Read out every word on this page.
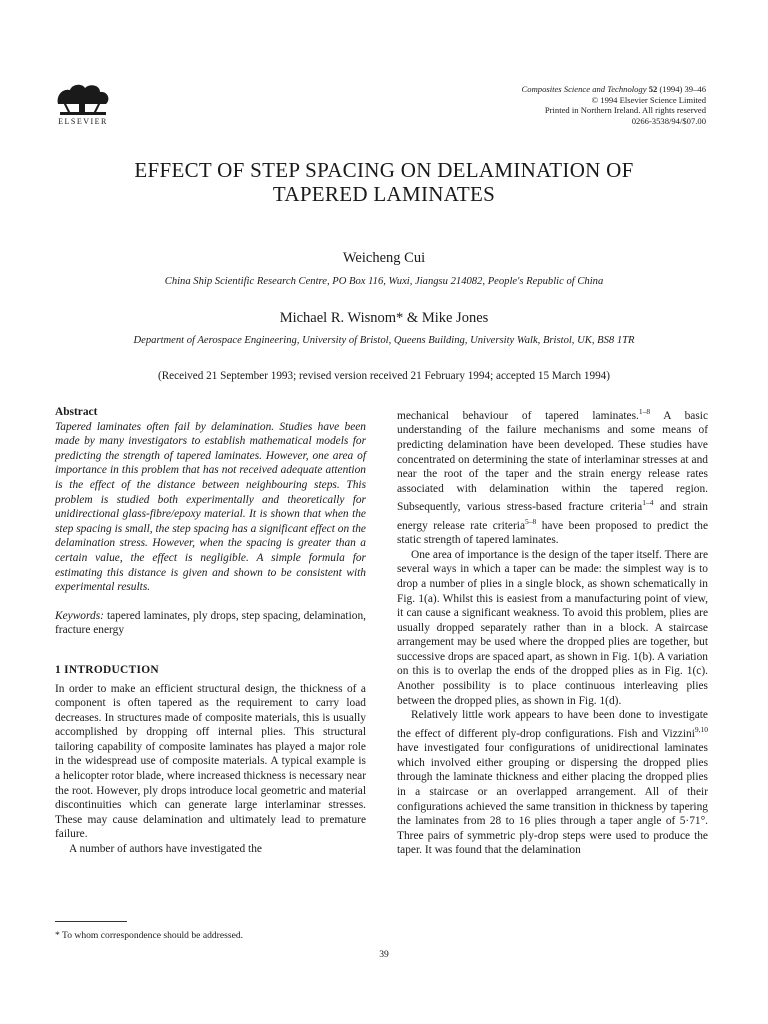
ELSEVIER
Composites Science and Technology 52 (1994) 39–46
© 1994 Elsevier Science Limited
Printed in Northern Ireland. All rights reserved
0266-3538/94/$07.00
EFFECT OF STEP SPACING ON DELAMINATION OF
TAPERED LAMINATES
Weicheng Cui
China Ship Scientific Research Centre, PO Box 116, Wuxi, Jiangsu 214082, People's Republic of China
Michael R. Wisnom* & Mike Jones
Department of Aerospace Engineering, University of Bristol, Queens Building, University Walk, Bristol, UK, BS8 1TR
(Received 21 September 1993; revised version received 21 February 1994; accepted 15 March 1994)
Abstract

Tapered laminates often fail by delamination. Studies have been made by many investigators to establish mathematical models for predicting the strength of tapered laminates. However, one area of importance in this problem that has not received adequate attention is the effect of the distance between neighbouring steps. This problem is studied both experimentally and theoretically for unidirectional glass-fibre/epoxy material. It is shown that when the step spacing is small, the step spacing has a significant effect on the delamination stress. However, when the spacing is greater than a certain value, the effect is negligible. A simple formula for estimating this distance is given and shown to be consistent with experimental results.

Keywords: tapered laminates, ply drops, step spacing, delamination, fracture energy

1 INTRODUCTION

In order to make an efficient structural design, the thickness of a component is often tapered as the requirement to carry load decreases. In structures made of composite materials, this is usually accomplished by dropping off internal plies. This structural tailoring capability of composite laminates has played a major role in the widespread use of composite materials. A typical example is a helicopter rotor blade, where increased thickness is necessary near the root. However, ply drops introduce local geometric and material discontinuities which can generate large interlaminar stresses. These may cause delamination and ultimately lead to premature failure.

A number of authors have investigated the

mechanical behaviour of tapered laminates.$^{1-8}$ A basic understanding of the failure mechanisms and some means of predicting delamination have been developed. These studies have concentrated on determining the state of interlaminar stresses at and near the root of the taper and the strain energy release rates associated with delamination within the tapered region. Subsequently, various stress-based fracture criteria$^{1-4}$ and strain energy release rate criteria$^{5-8}$ have been proposed to predict the static strength of tapered laminates.

One area of importance is the design of the taper itself. There are several ways in which a taper can be made: the simplest way is to drop a number of plies in a single block, as shown schematically in Fig. 1(a). Whilst this is easiest from a manufacturing point of view, it can cause a significant weakness. To avoid this problem, plies are usually dropped separately rather than in a block. A staircase arrangement may be used where the dropped plies are together, but successive drops are spaced apart, as shown in Fig. 1(b). A variation on this is to overlap the ends of the dropped plies as in Fig. 1(c). Another possibility is to place continuous interleaving plies between the dropped plies, as shown in Fig. 1(d).

Relatively little work appears to have been done to investigate the effect of different ply-drop configurations. Fish and Vizzini$^{9,10}$ have investigated four configurations of unidirectional laminates which involved either grouping or dispersing the dropped plies through the laminate thickness and either placing the dropped plies in a staircase or an overlapped arrangement. All of their configurations achieved the same transition in thickness by tapering the laminates from 28 to 16 plies through a taper angle of 5·71°. Three pairs of symmetric ply-drop steps were used to produce the taper. It was found that the delamination

* To whom correspondence should be addressed.
39
